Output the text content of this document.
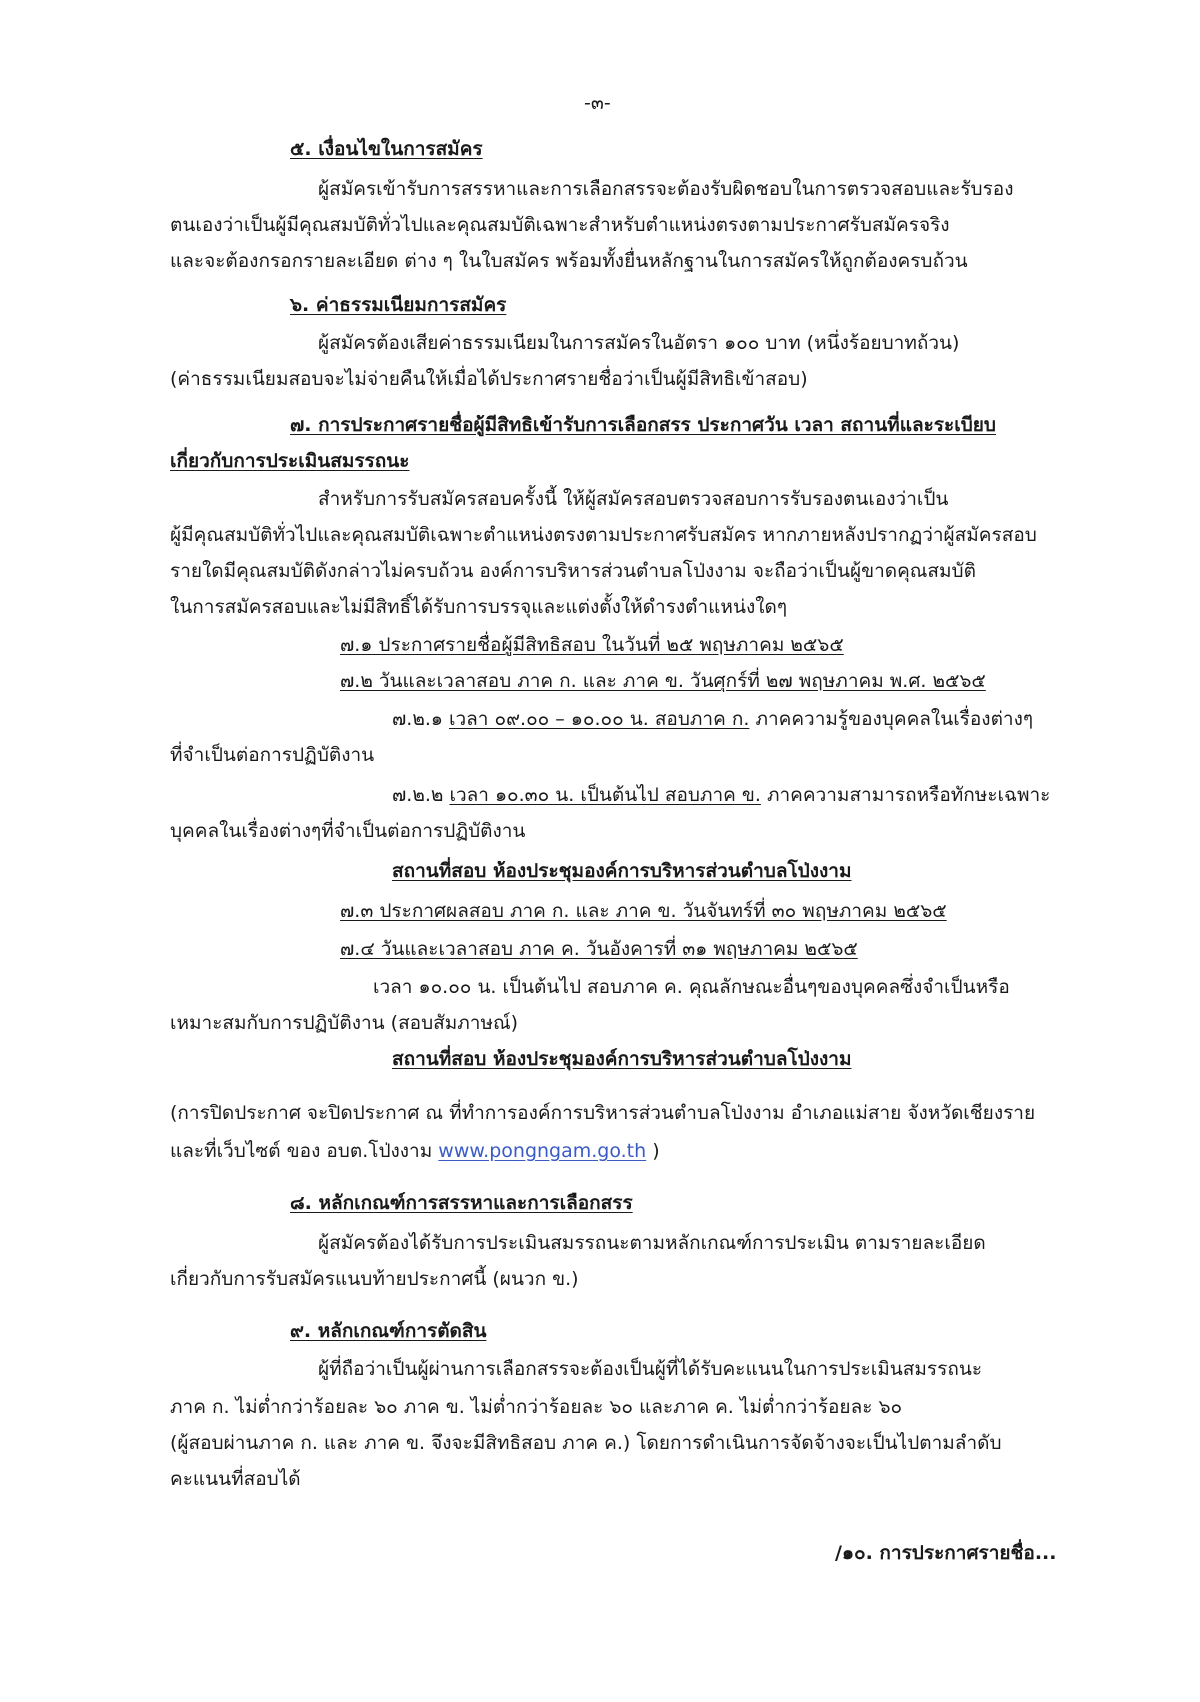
-๓-

๕. เงื่อนไขในการสมัคร

ผู้สมัครเข้ารับการสรรหาและการเลือกสรรจะต้องรับผิดชอบในการตรวจสอบและรับรอง

ตนเองว่าเป็นผู้มีคุณสมบัติทั่วไปและคุณสมบัติเฉพาะสำหรับตำแหน่งตรงตามประกาศรับสมัครจริง

และจะต้องกรอกรายละเอียด ต่าง ๆ ในใบสมัคร พร้อมทั้งยื่นหลักฐานในการสมัครให้ถูกต้องครบถ้วน

๖. ค่าธรรมเนียมการสมัคร

ผู้สมัครต้องเสียค่าธรรมเนียมในการสมัครในอัตรา ๑๐๐ บาท (หนึ่งร้อยบาทถ้วน)

(ค่าธรรมเนียมสอบจะไม่จ่ายคืนให้เมื่อได้ประกาศรายชื่อว่าเป็นผู้มีสิทธิเข้าสอบ)

๗. การประกาศรายชื่อผู้มีสิทธิเข้ารับการเลือกสรร ประกาศวัน เวลา สถานที่และระเบียบ

เกี่ยวกับการประเมินสมรรถนะ

สำหรับการรับสมัครสอบครั้งนี้ ให้ผู้สมัครสอบตรวจสอบการรับรองตนเองว่าเป็น

ผู้มีคุณสมบัติทั่วไปและคุณสมบัติเฉพาะตำแหน่งตรงตามประกาศรับสมัคร หากภายหลังปรากฏว่าผู้สมัครสอบ

รายใดมีคุณสมบัติดังกล่าวไม่ครบถ้วน องค์การบริหารส่วนตำบลโป่งงาม จะถือว่าเป็นผู้ขาดคุณสมบัติ

ในการสมัครสอบและไม่มีสิทธิ์ได้รับการบรรจุและแต่งตั้งให้ดำรงตำแหน่งใดๆ

๗.๑ ประกาศรายชื่อผู้มีสิทธิสอบ ในวันที่ ๒๕ พฤษภาคม ๒๕๖๕

๗.๒ วันและเวลาสอบ ภาค ก. และ ภาค ข. วันศุกร์ที่ ๒๗ พฤษภาคม พ.ศ. ๒๕๖๕

๗.๒.๑ เวลา ๐๙.๐๐ – ๑๐.๐๐ น. สอบภาค ก. ภาคความรู้ของบุคคลในเรื่องต่างๆ

ที่จำเป็นต่อการปฏิบัติงาน

๗.๒.๒ เวลา ๑๐.๓๐ น. เป็นต้นไป สอบภาค ข. ภาคความสามารถหรือทักษะเฉพาะ

บุคคลในเรื่องต่างๆที่จำเป็นต่อการปฏิบัติงาน

สถานที่สอบ ห้องประชุมองค์การบริหารส่วนตำบลโป่งงาม

๗.๓ ประกาศผลสอบ ภาค ก. และ ภาค ข. วันจันทร์ที่ ๓๐ พฤษภาคม ๒๕๖๕

๗.๔ วันและเวลาสอบ ภาค ค. วันอังคารที่ ๓๑ พฤษภาคม ๒๕๖๕

เวลา ๑๐.๐๐ น. เป็นต้นไป สอบภาค ค. คุณลักษณะอื่นๆของบุคคลซึ่งจำเป็นหรือ

เหมาะสมกับการปฏิบัติงาน (สอบสัมภาษณ์)

สถานที่สอบ ห้องประชุมองค์การบริหารส่วนตำบลโป่งงาม

(การปิดประกาศ จะปิดประกาศ ณ ที่ทำการองค์การบริหารส่วนตำบลโป่งงาม อำเภอแม่สาย จังหวัดเชียงราย

และที่เว็บไซต์ ของ อบต.โป่งงาม www.pongngam.go.th )

๘. หลักเกณฑ์การสรรหาและการเลือกสรร

ผู้สมัครต้องได้รับการประเมินสมรรถนะตามหลักเกณฑ์การประเมิน ตามรายละเอียด

เกี่ยวกับการรับสมัครแนบท้ายประกาศนี้ (ผนวก ข.)

๙. หลักเกณฑ์การตัดสิน

ผู้ที่ถือว่าเป็นผู้ผ่านการเลือกสรรจะต้องเป็นผู้ที่ได้รับคะแนนในการประเมินสมรรถนะ

ภาค ก. ไม่ต่ำกว่าร้อยละ ๖๐ ภาค ข. ไม่ต่ำกว่าร้อยละ ๖๐ และภาค ค. ไม่ต่ำกว่าร้อยละ ๖๐

(ผู้สอบผ่านภาค ก. และ ภาค ข. จึงจะมีสิทธิสอบ ภาค ค.) โดยการดำเนินการจัดจ้างจะเป็นไปตามลำดับ

คะแนนที่สอบได้

/๑๐. การประกาศรายชื่อ...
